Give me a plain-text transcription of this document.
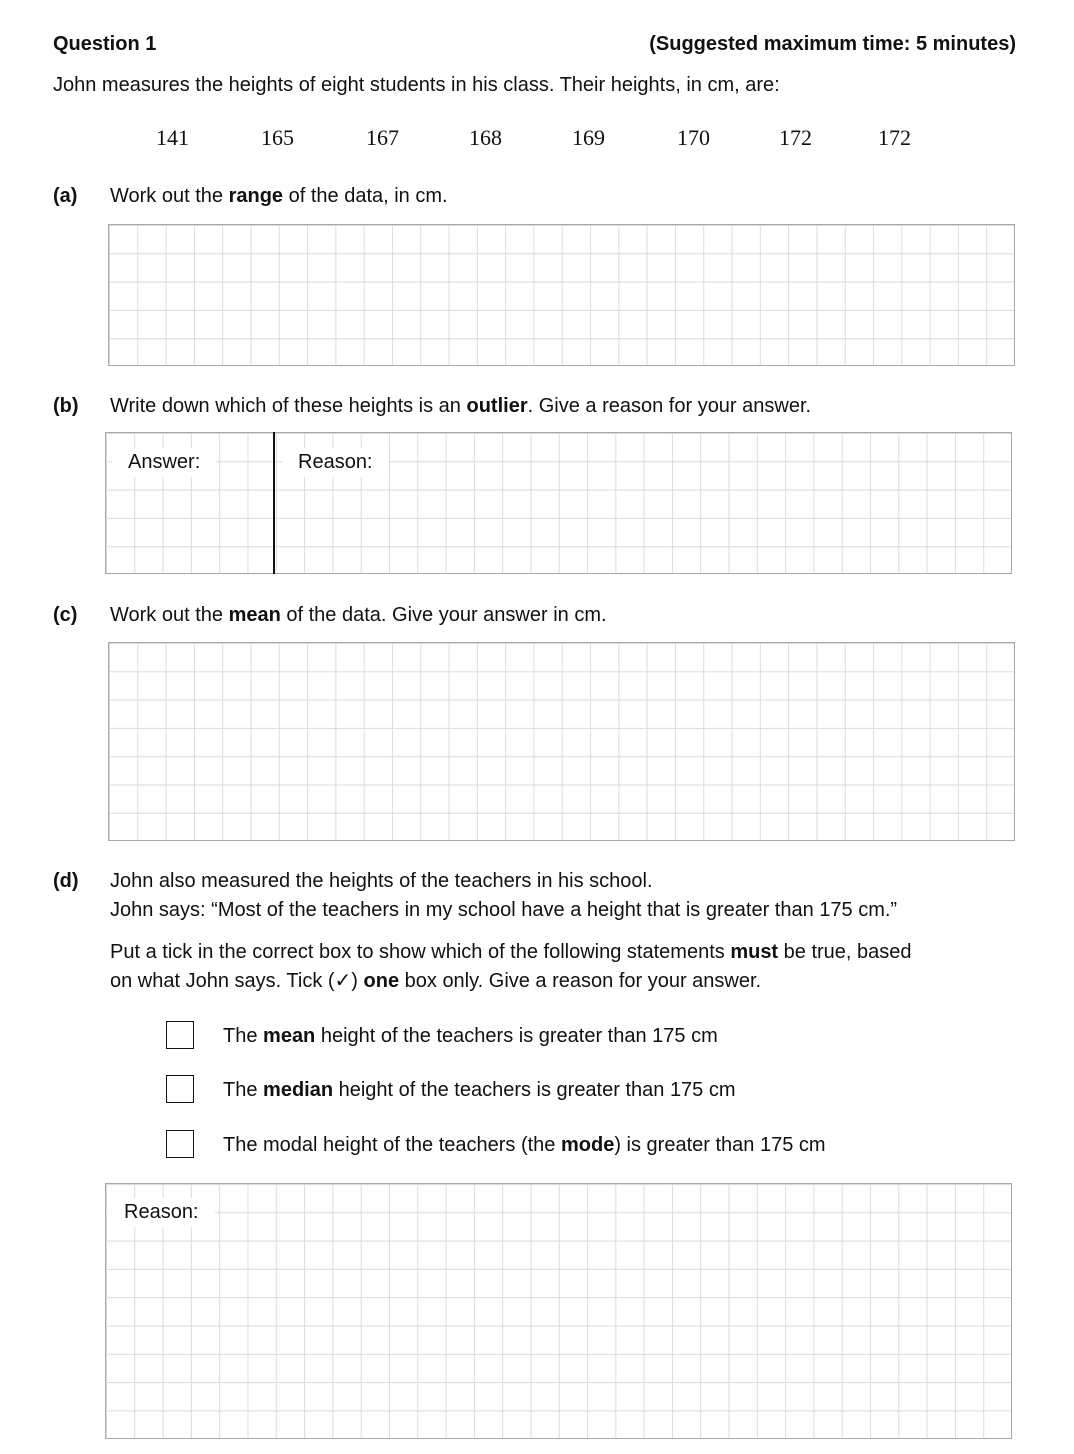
Question 1	(Suggested maximum time: 5 minutes)
John measures the heights of eight students in his class. Their heights, in cm, are:
141	165	167	168	169	170	172	172
(a) Work out the range of the data, in cm.
(b) Write down which of these heights is an outlier. Give a reason for your answer.
Answer:	Reason:
(c) Work out the mean of the data. Give your answer in cm.
(d) John also measured the heights of the teachers in his school.
John says: “Most of the teachers in my school have a height that is greater than 175 cm.”
Put a tick in the correct box to show which of the following statements must be true, based
on what John says. Tick (✓) one box only. Give a reason for your answer.
The mean height of the teachers is greater than 175 cm
The median height of the teachers is greater than 175 cm
The modal height of the teachers (the mode) is greater than 175 cm
Reason:
